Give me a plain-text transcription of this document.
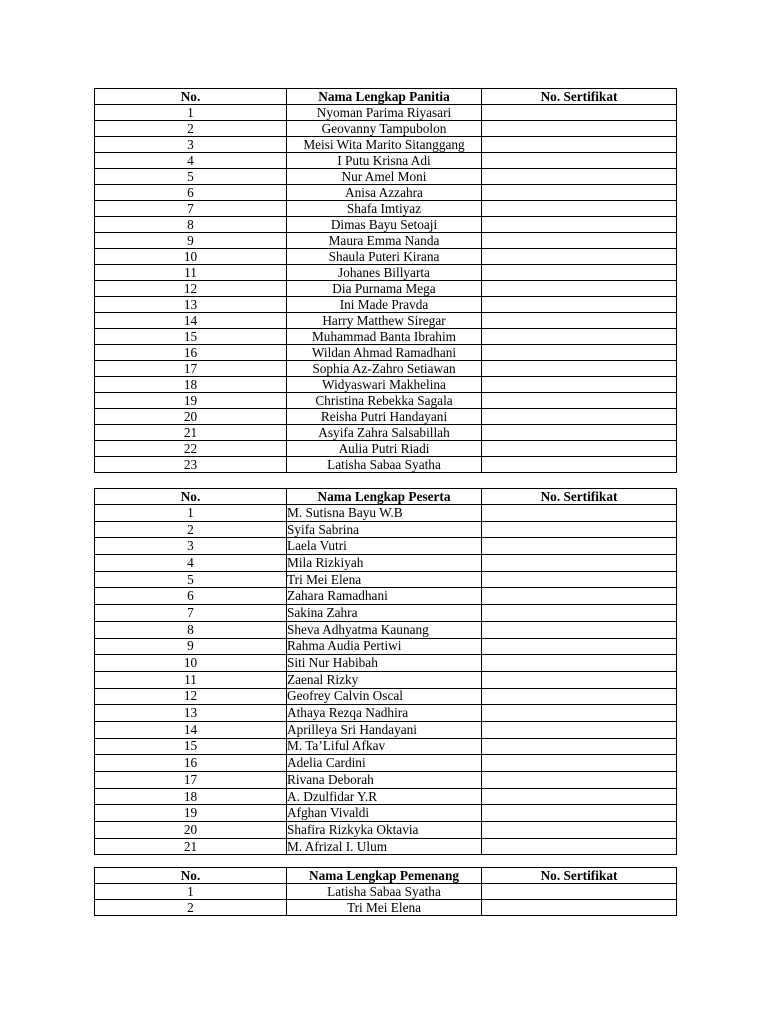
No.	Nama Lengkap Panitia	No. Sertifikat
1	Nyoman Parima Riyasari	
2	Geovanny Tampubolon	
3	Meisi Wita Marito Sitanggang	
4	I Putu Krisna Adi	
5	Nur Amel Moni	
6	Anisa Azzahra	
7	Shafa Imtiyaz	
8	Dimas Bayu Setoaji	
9	Maura Emma Nanda	
10	Shaula Puteri Kirana	
11	Johanes Billyarta	
12	Dia Purnama Mega	
13	Ini Made Pravda	
14	Harry Matthew Siregar	
15	Muhammad Banta Ibrahim	
16	Wildan Ahmad Ramadhani	
17	Sophia Az-Zahro Setiawan	
18	Widyaswari Makhelina	
19	Christina Rebekka Sagala	
20	Reisha Putri Handayani	
21	Asyifa Zahra Salsabillah	
22	Aulia Putri Riadi	
23	Latisha Sabaa Syatha	
No.	Nama Lengkap Peserta	No. Sertifikat
1	M. Sutisna Bayu W.B	
2	Syifa Sabrina	
3	Laela Vutri	
4	Mila Rizkiyah	
5	Tri Mei Elena	
6	Zahara Ramadhani	
7	Sakina Zahra	
8	Sheva Adhyatma Kaunang	
9	Rahma Audia Pertiwi	
10	Siti Nur Habibah	
11	Zaenal Rizky	
12	Geofrey Calvin Oscal	
13	Athaya Rezqa Nadhira	
14	Aprilleya Sri Handayani	
15	M. Ta’Liful Afkav	
16	Adelia Cardini	
17	Rivana Deborah	
18	A. Dzulfidar Y.R	
19	Afghan Vivaldi	
20	Shafira Rizkyka Oktavia	
21	M. Afrizal I. Ulum	
No.	Nama Lengkap Pemenang	No. Sertifikat
1	Latisha Sabaa Syatha	
2	Tri Mei Elena	
